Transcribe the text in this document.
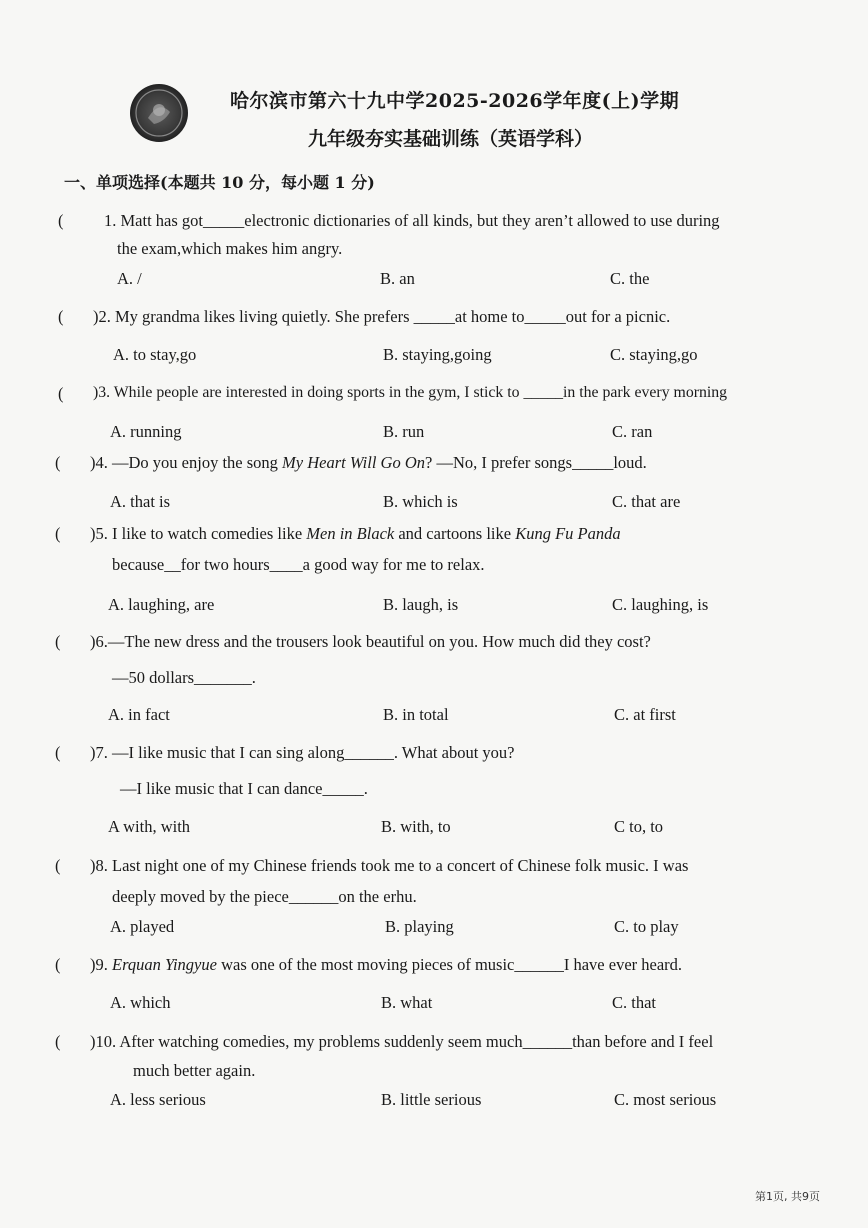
哈尔滨市第六十九中学2025-2026学年度(上)学期
九年级夯实基础训练（英语学科）
一、单项选择(本题共 10 分，每小题 1 分)
( 1. Matt has got_____electronic dictionaries of all kinds, but they aren’t allowed to use during
the exam,which makes him angry.
A. /	B. an	C. the
( )2. My grandma likes living quietly. She prefers _____at home to_____out for a picnic.
A. to stay,go	B. staying,going	C. staying,go
( )3. While people are interested in doing sports in the gym, I stick to _____in the park every morning
A. running	B. run	C. ran
( )4. —Do you enjoy the song My Heart Will Go On? —No, I prefer songs_____loud.
A. that is	B. which is	C. that are
( )5. I like to watch comedies like Men in Black and cartoons like Kung Fu Panda
because__for two hours____a good way for me to relax.
A. laughing, are	B. laugh, is	C. laughing, is
( )6.—The new dress and the trousers look beautiful on you. How much did they cost?
—50 dollars_______.
A. in fact	B. in total	C. at first
( )7. —I like music that I can sing along______. What about you?
—I like music that I can dance_____.
A with, with	B. with, to	C to, to
( )8. Last night one of my Chinese friends took me to a concert of Chinese folk music. I was
deeply moved by the piece______on the erhu.
A. played	B. playing	C. to play
( )9. Erquan Yingyue was one of the most moving pieces of music______I have ever heard.
A. which	B. what	C. that
( )10. After watching comedies, my problems suddenly seem much______than before and I feel
much better again.
A. less serious	B. little serious	C. most serious
第1页, 共9页
